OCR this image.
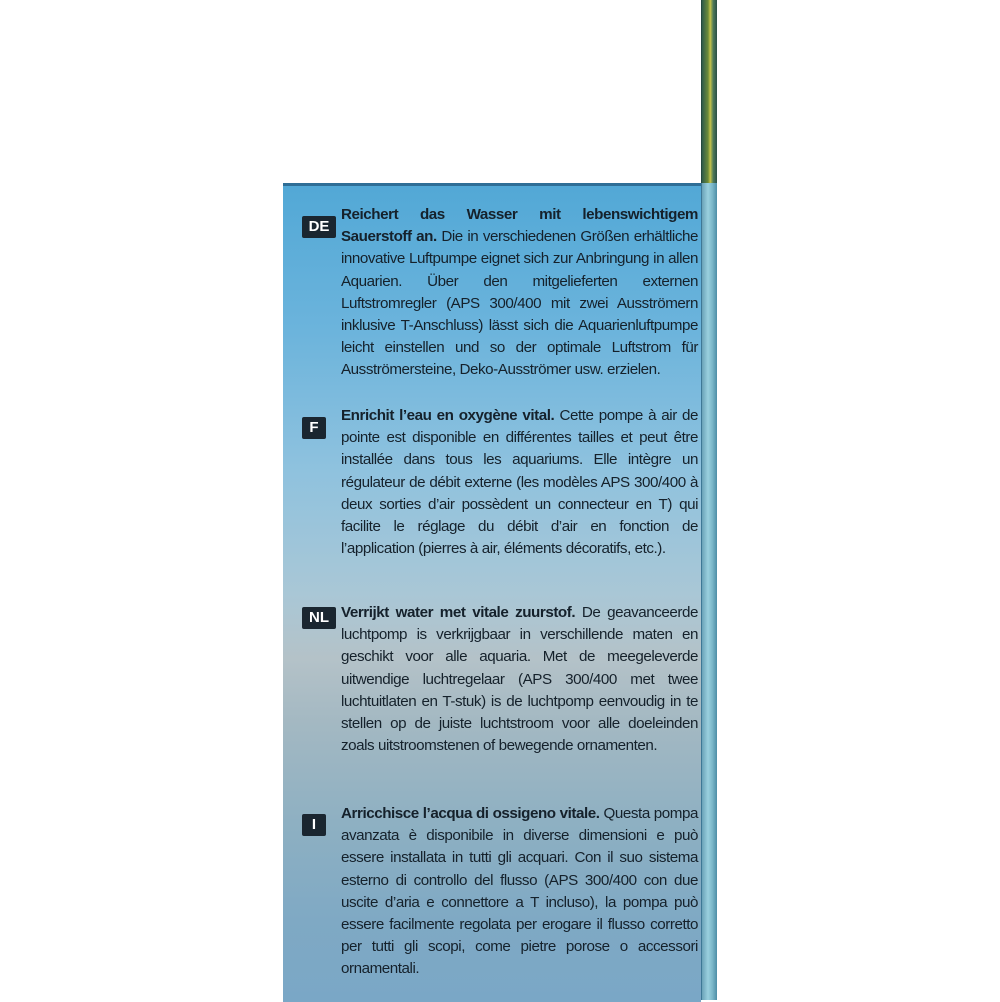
DE
Reichert das Wasser mit lebenswichtigem Sauerstoff an. Die in verschiedenen Größen erhältliche innovative Luftpumpe eignet sich zur Anbringung in allen Aquarien. Über den mitgelieferten externen Luftstromregler (APS 300/400 mit zwei Ausströmern inklusive T-Anschluss) lässt sich die Aquarienluftpumpe leicht einstellen und so der optimale Luftstrom für Ausströmersteine, Deko-Ausströmer usw. erzielen.
F
Enrichit l’eau en oxygène vital. Cette pompe à air de pointe est disponible en différentes tailles et peut être installée dans tous les aquariums. Elle intègre un régulateur de débit externe (les modèles APS 300/400 à deux sorties d’air possèdent un connecteur en T) qui facilite le réglage du débit d’air en fonction de l’application (pierres à air, éléments décoratifs, etc.).
NL Verrijkt water met vitale zuurstof. De geavanceerde luchtpomp is verkrijgbaar in verschillende maten en geschikt voor alle aquaria. Met de meegeleverde uitwendige luchtregelaar (APS 300/400 met twee luchtuitlaten en T-stuk) is de luchtpomp eenvoudig in te stellen op de juiste luchtstroom voor alle doeleinden zoals uitstroomstenen of bewegende ornamenten.
I
Arricchisce l’acqua di ossigeno vitale. Questa pompa avanzata è disponibile in diverse dimensioni e può essere installata in tutti gli acquari. Con il suo sistema esterno di controllo del flusso (APS 300/400 con due uscite d’aria e connettore a T incluso), la pompa può essere facilmente regolata per erogare il flusso corretto per tutti gli scopi, come pietre porose o accessori ornamentali.
